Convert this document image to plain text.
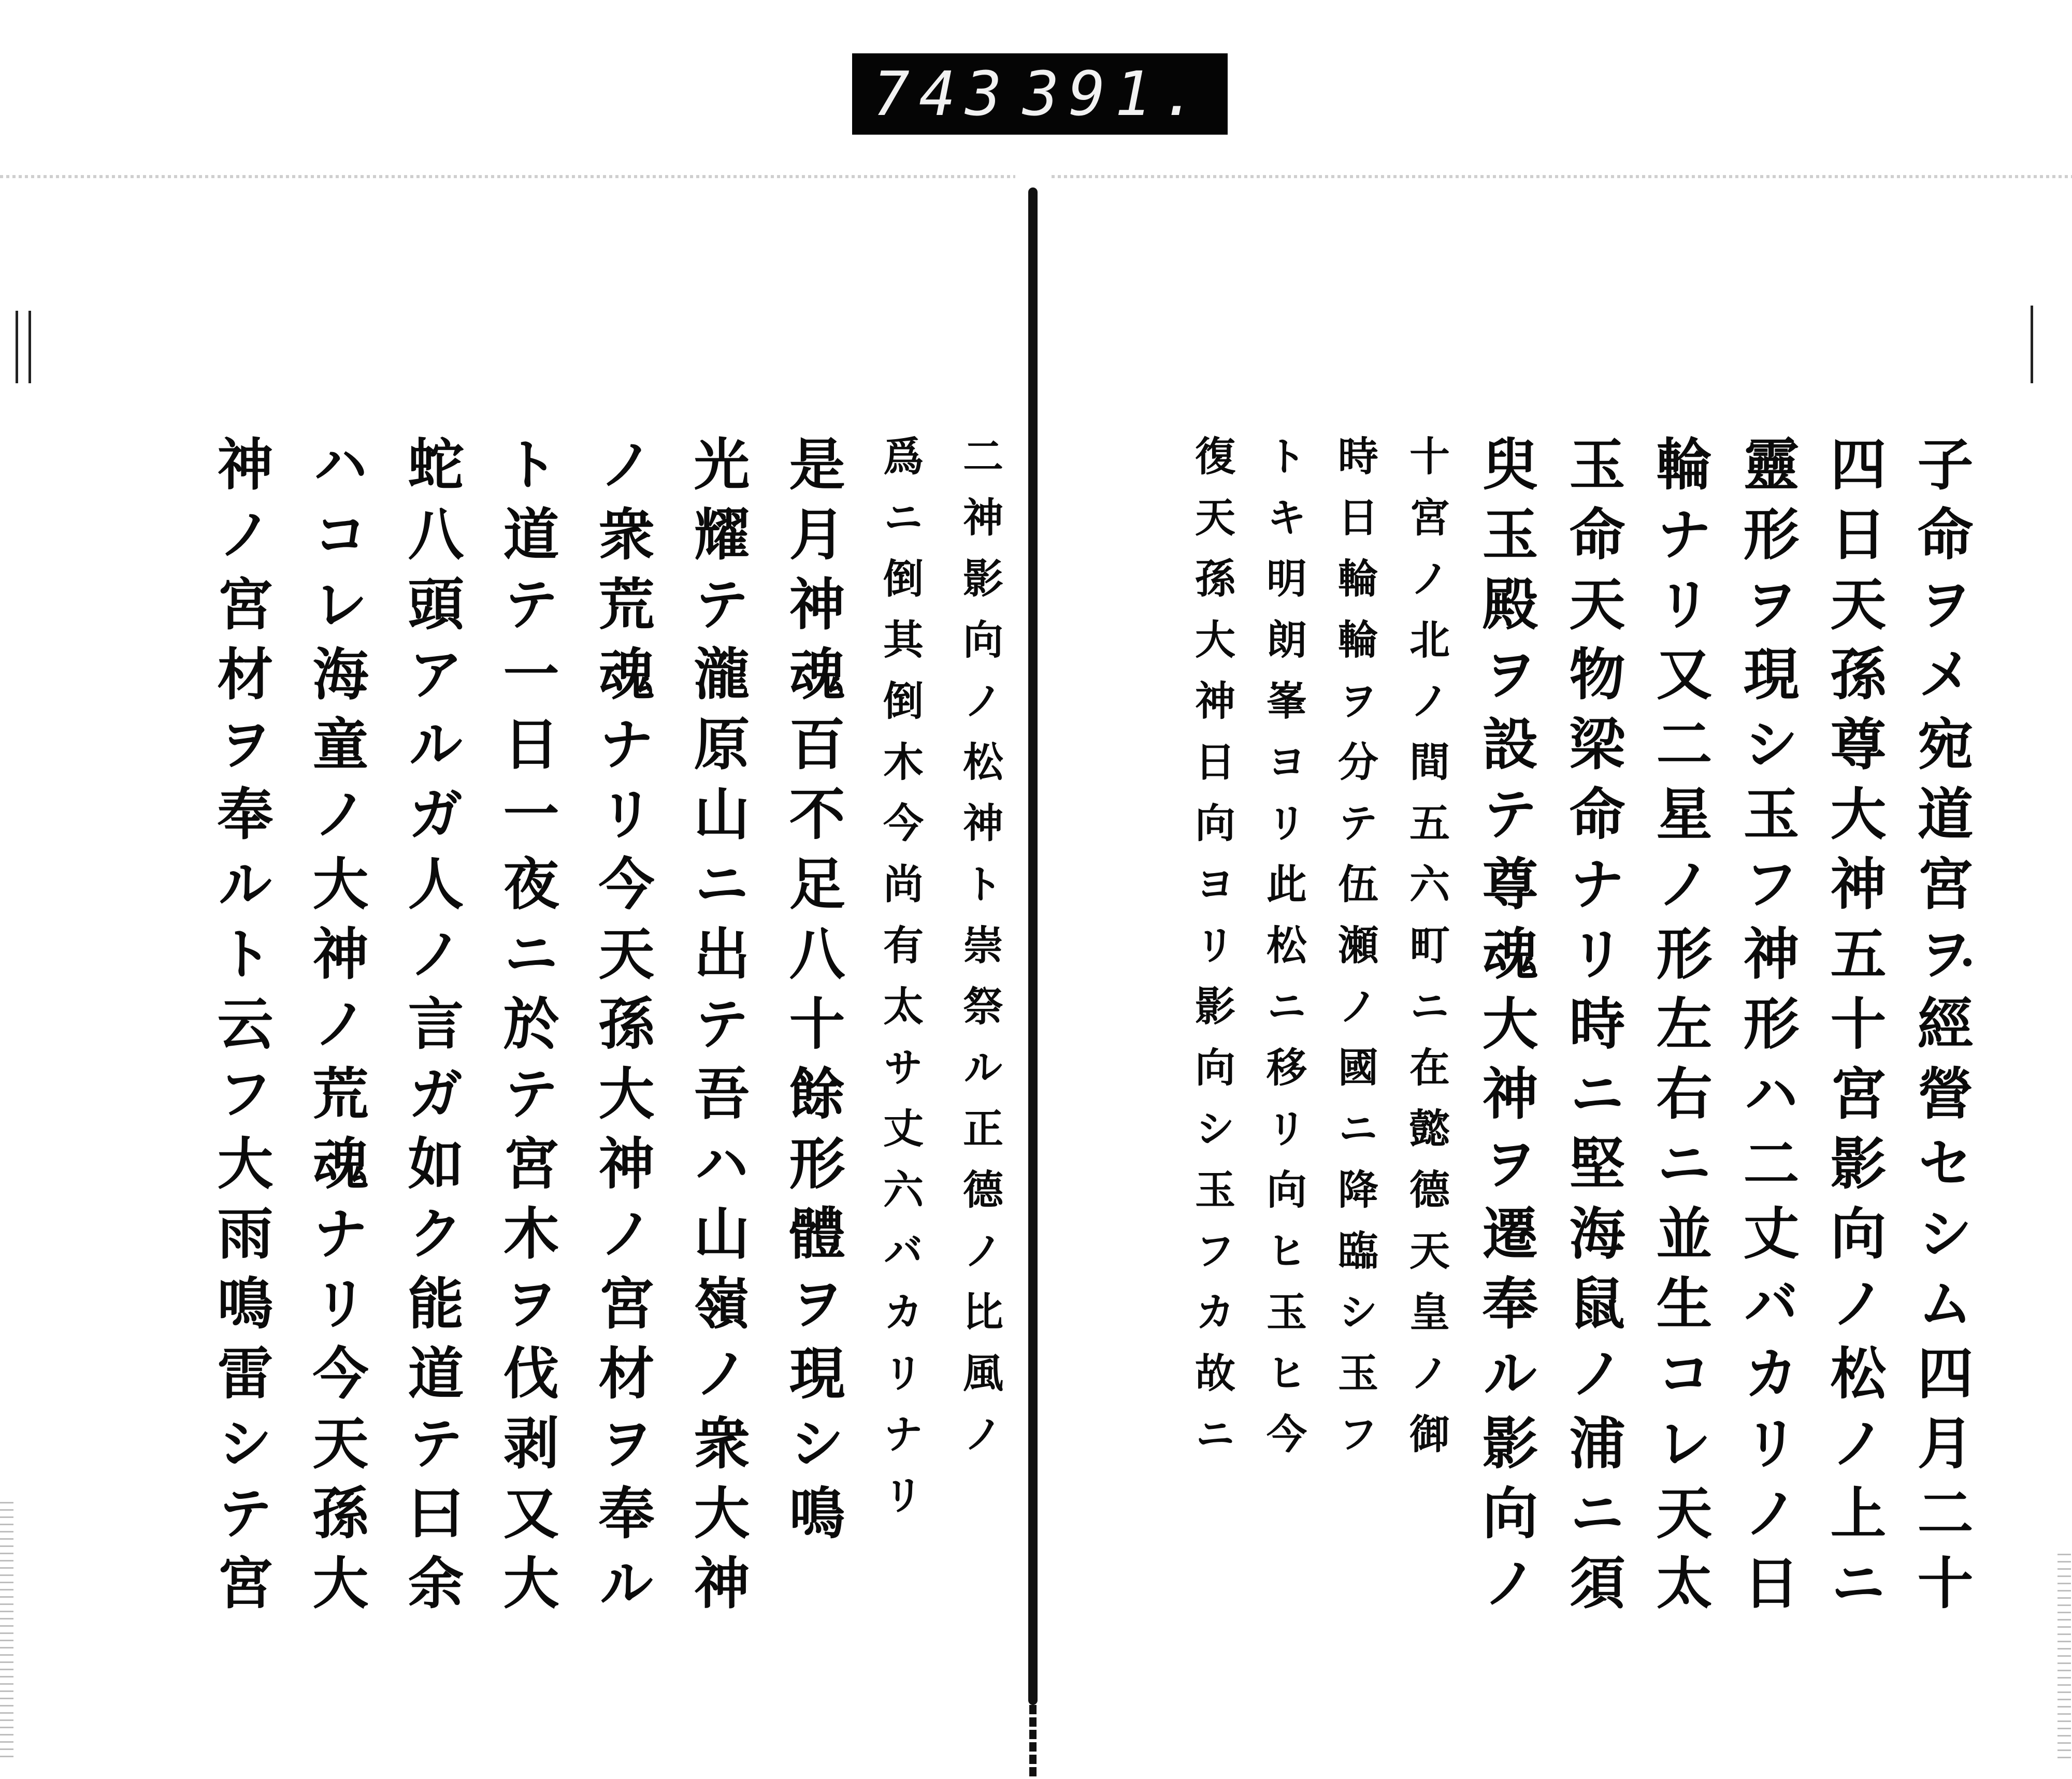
743 391.
子命ヲメ宛道宮ヲ經營セシム四月二十
四日天孫尊大神五十宮影向ノ松ノ上ニ
靈形ヲ現シ玉フ神形ハ二丈バカリノ日
輪ナリ又二星ノ形左右ニ並生コレ天太
玉命天物梁命ナリ時ニ堅海鼠ノ浦ニ須
臾玉殿ヲ設テ尊魂大神ヲ遷奉ル影向ノ
十宮ノ北ノ間五六町ニ在懿德天皇ノ御
時日輪輪ヲ分テ伍瀬ノ國ニ降臨シ玉フ
トキ明朗峯ヨリ此松ニ移リ向ヒ玉ヒ今
復天孫大神日向ヨリ影向シ玉フカ故ニ
二神影向ノ松神ト崇祭ル正德ノ比風ノ
爲ニ倒其倒木今尚有太サ丈六バカリナリ
是月神魂百不足八十餘形體ヲ現シ鳴
光耀テ瀧原山ニ出テ吾ハ山嶺ノ衆大神
ノ衆荒魂ナリ今天孫大神ノ宮材ヲ奉ル
ト道テ一日一夜ニ於テ宮木ヲ伐剥又大
蛇八頭アルガ人ノ言ガ如ク能道テ曰余
ハコレ海童ノ大神ノ荒魂ナリ今天孫大
神ノ宮材ヲ奉ルト云フ大雨鳴雷シテ宮
